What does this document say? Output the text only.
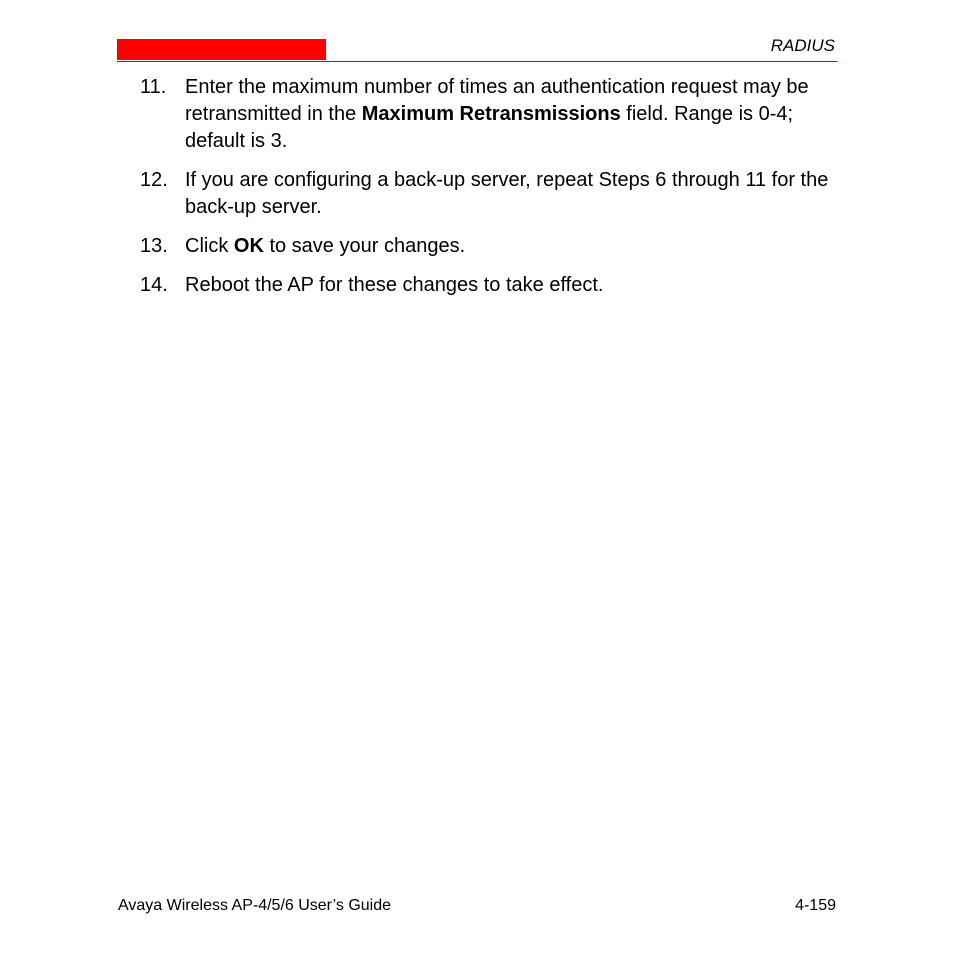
RADIUS
11. Enter the maximum number of times an authentication request may be retransmitted in the Maximum Retransmissions field. Range is 0-4; default is 3.
12. If you are configuring a back-up server, repeat Steps 6 through 11 for the back-up server.
13. Click OK to save your changes.
14. Reboot the AP for these changes to take effect.
Avaya Wireless AP-4/5/6 User’s Guide	4-159
